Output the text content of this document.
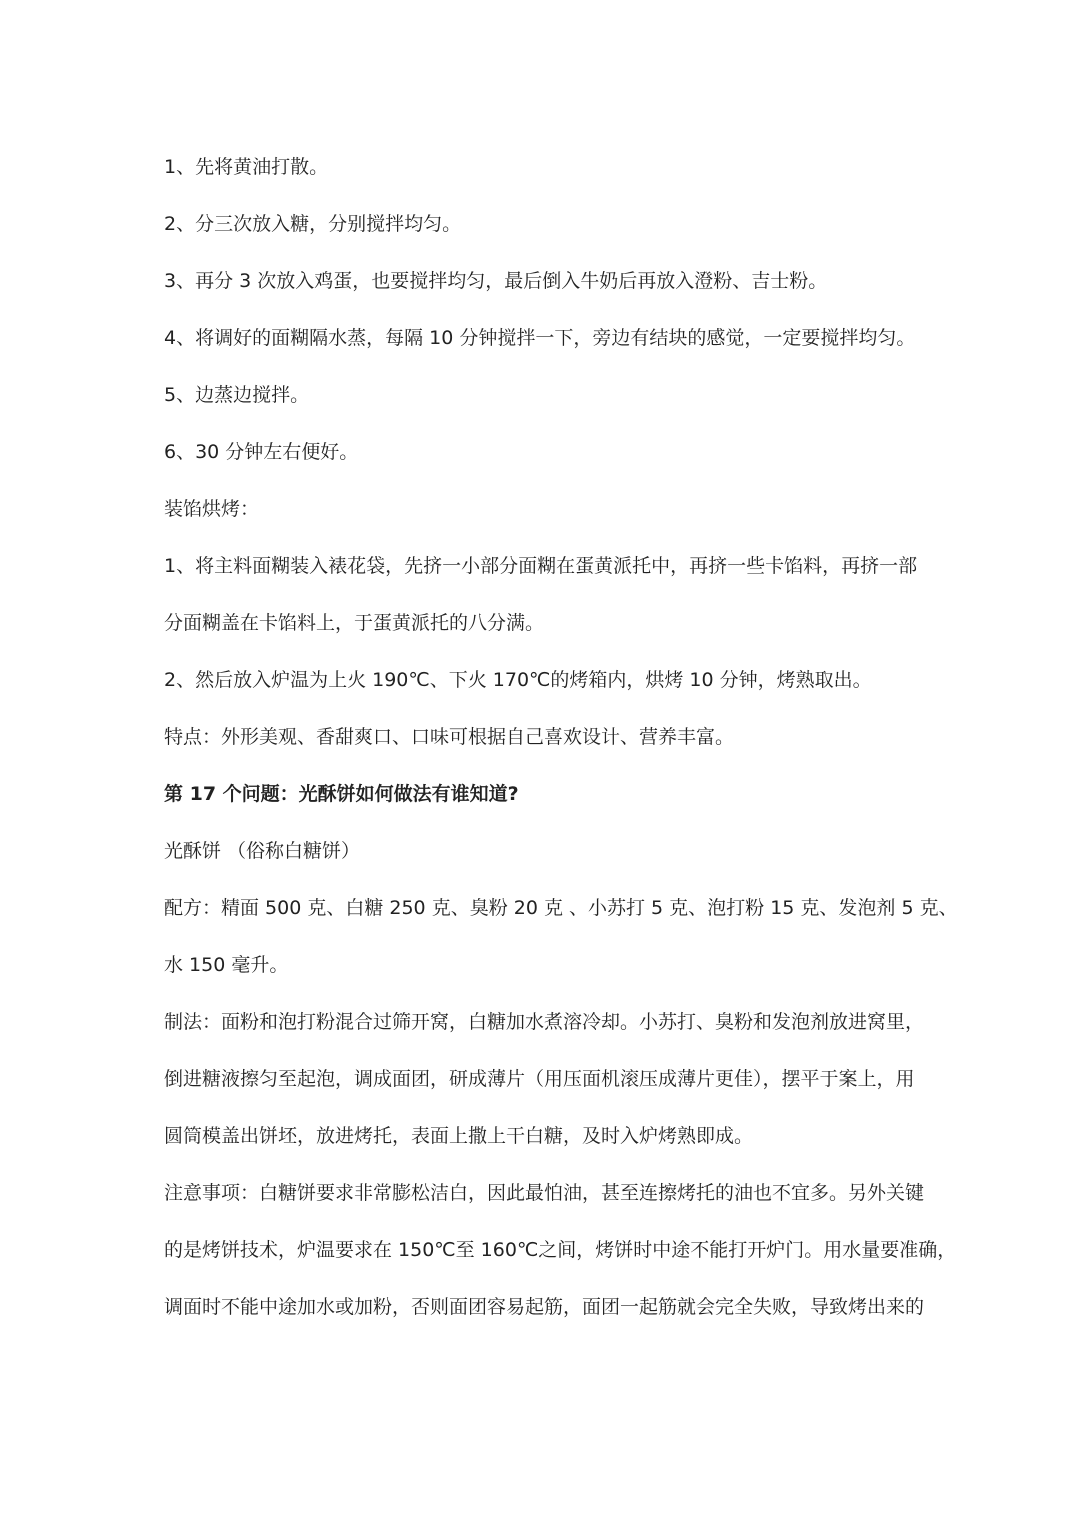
1、先将黄油打散。

2、分三次放入糖，分别搅拌均匀。

3、再分 3 次放入鸡蛋，也要搅拌均匀，最后倒入牛奶后再放入澄粉、吉士粉。

4、将调好的面糊隔水蒸，每隔 10 分钟搅拌一下，旁边有结块的感觉，一定要搅拌均匀。

5、边蒸边搅拌。

6、30 分钟左右便好。

装馅烘烤：

1、将主料面糊装入裱花袋，先挤一小部分面糊在蛋黄派托中，再挤一些卡馅料，再挤一部
分面糊盖在卡馅料上，于蛋黄派托的八分满。

2、然后放入炉温为上火 190℃、下火 170℃的烤箱内，烘烤 10 分钟，烤熟取出。

特点：外形美观、香甜爽口、口味可根据自己喜欢设计、营养丰富。

第 17 个问题：光酥饼如何做法有谁知道?

光酥饼 （俗称白糖饼）

配方：精面 500 克、白糖 250 克、臭粉 20 克 、小苏打 5 克、泡打粉 15 克、发泡剂 5 克、
水 150 毫升。

制法：面粉和泡打粉混合过筛开窝，白糖加水煮溶冷却。小苏打、臭粉和发泡剂放进窝里，
倒进糖液擦匀至起泡，调成面团，研成薄片（用压面机滚压成薄片更佳），摆平于案上，用
圆筒模盖出饼坯，放进烤托，表面上撒上干白糖，及时入炉烤熟即成。

注意事项：白糖饼要求非常膨松洁白，因此最怕油，甚至连擦烤托的油也不宜多。另外关键
的是烤饼技术，炉温要求在 150℃至 160℃之间，烤饼时中途不能打开炉门。用水量要准确，
调面时不能中途加水或加粉，否则面团容易起筋，面团一起筋就会完全失败，导致烤出来的
